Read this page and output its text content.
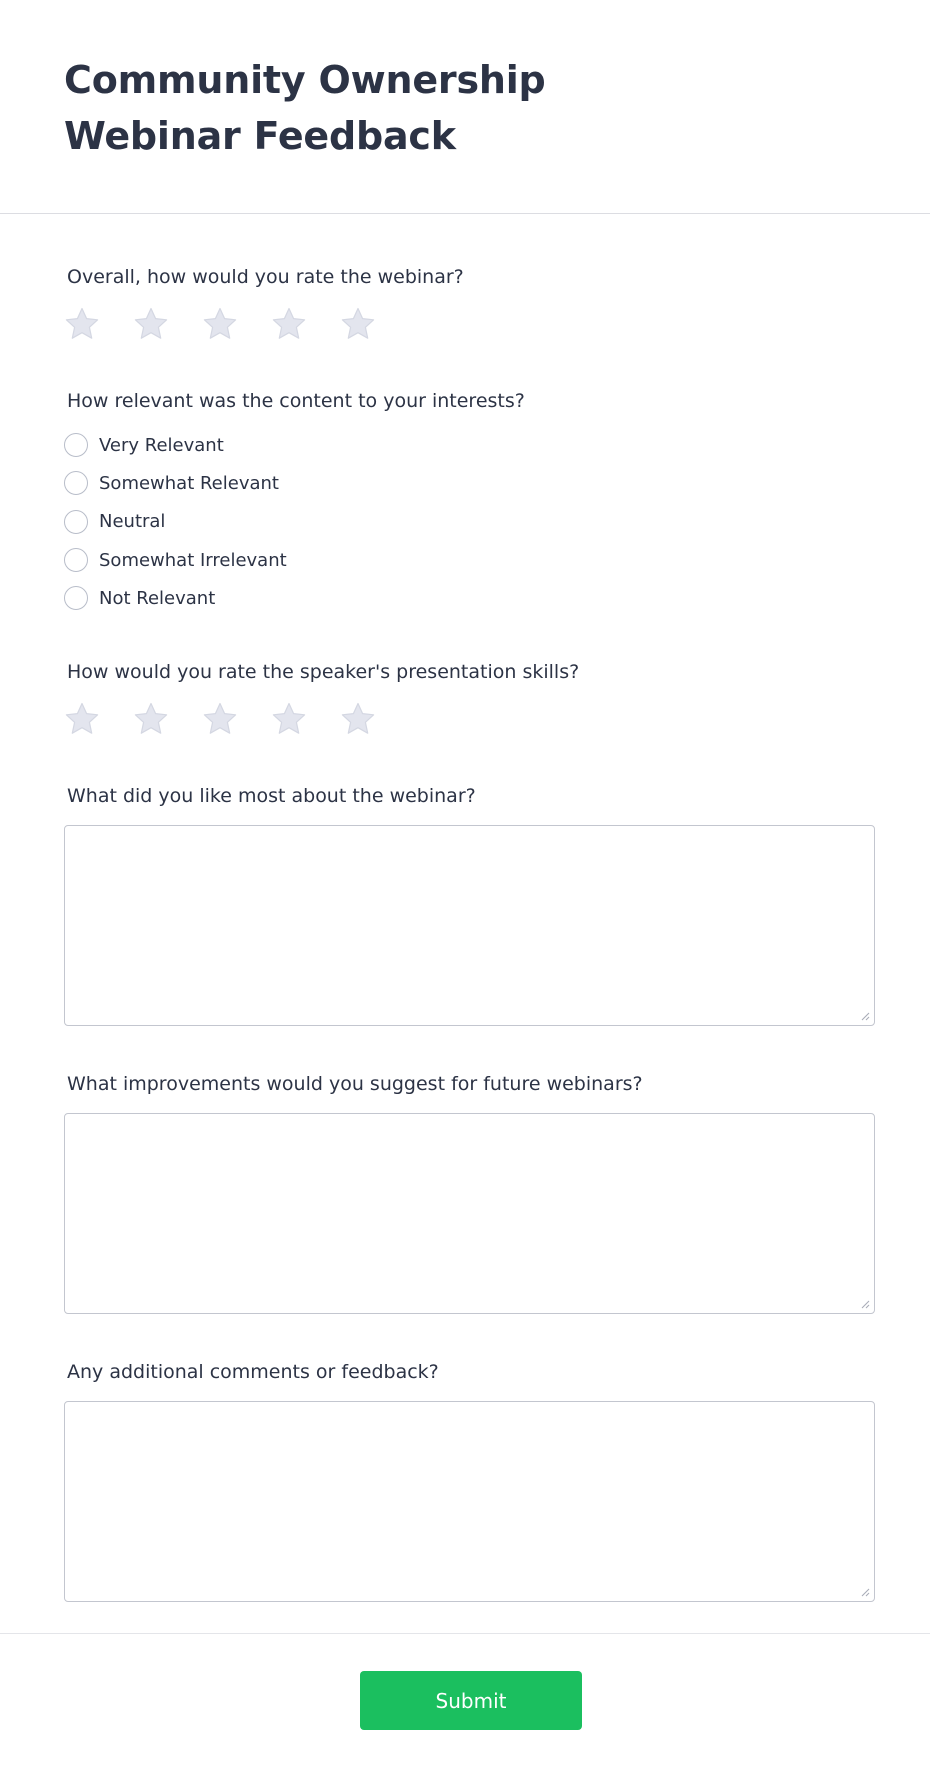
Community Ownership Webinar Feedback
Overall, how would you rate the webinar?
How relevant was the content to your interests?
Very Relevant
Somewhat Relevant
Neutral
Somewhat Irrelevant
Not Relevant
How would you rate the speaker's presentation skills?
What did you like most about the webinar?
What improvements would you suggest for future webinars?
Any additional comments or feedback?
Submit
